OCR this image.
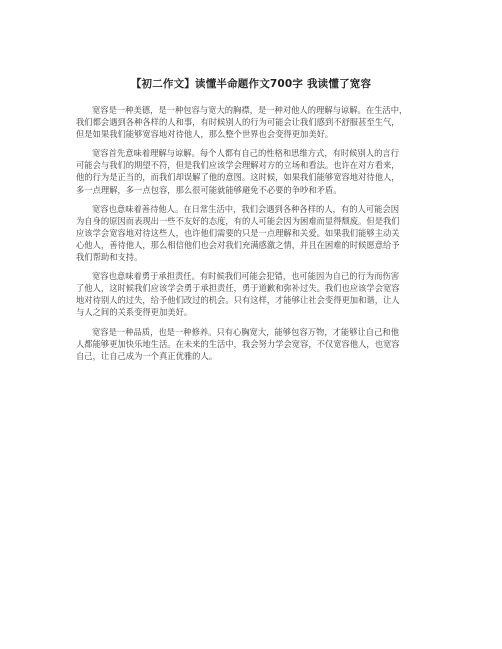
【初二作文】读懂半命题作文700字 我读懂了宽容
宽容是一种美德，是一种包容与宽大的胸襟，是一种对他人的理解与谅解。在生活中，
我们都会遇到各种各样的人和事，有时候别人的行为可能会让我们感到不舒服甚至生气，
但是如果我们能够宽容地对待他人，那么整个世界也会变得更加美好。
宽容首先意味着理解与谅解。每个人都有自己的性格和思维方式，有时候别人的言行
可能会与我们的期望不符，但是我们应该学会理解对方的立场和看法。也许在对方看来，
他的行为是正当的，而我们却误解了他的意图。这时候，如果我们能够宽容地对待他人，
多一点理解，多一点包容，那么很可能就能够避免不必要的争吵和矛盾。
宽容也意味着善待他人。在日常生活中，我们会遇到各种各样的人，有的人可能会因
为自身的原因而表现出一些不友好的态度，有的人可能会因为困难而显得颓废。但是我们
应该学会宽容地对待这些人，也许他们需要的只是一点理解和关爱。如果我们能够主动关
心他人，善待他人，那么相信他们也会对我们充满感激之情，并且在困难的时候愿意给予
我们帮助和支持。
宽容也意味着勇于承担责任。有时候我们可能会犯错，也可能因为自己的行为而伤害
了他人，这时候我们应该学会勇于承担责任，勇于道歉和弥补过失。我们也应该学会宽容
地对待别人的过失，给予他们改过的机会。只有这样，才能够让社会变得更加和谐，让人
与人之间的关系变得更加美好。
宽容是一种品质，也是一种修养。只有心胸宽大，能够包容万物，才能够让自己和他
人都能够更加快乐地生活。在未来的生活中，我会努力学会宽容，不仅宽容他人，也宽容
自己，让自己成为一个真正优雅的人。
